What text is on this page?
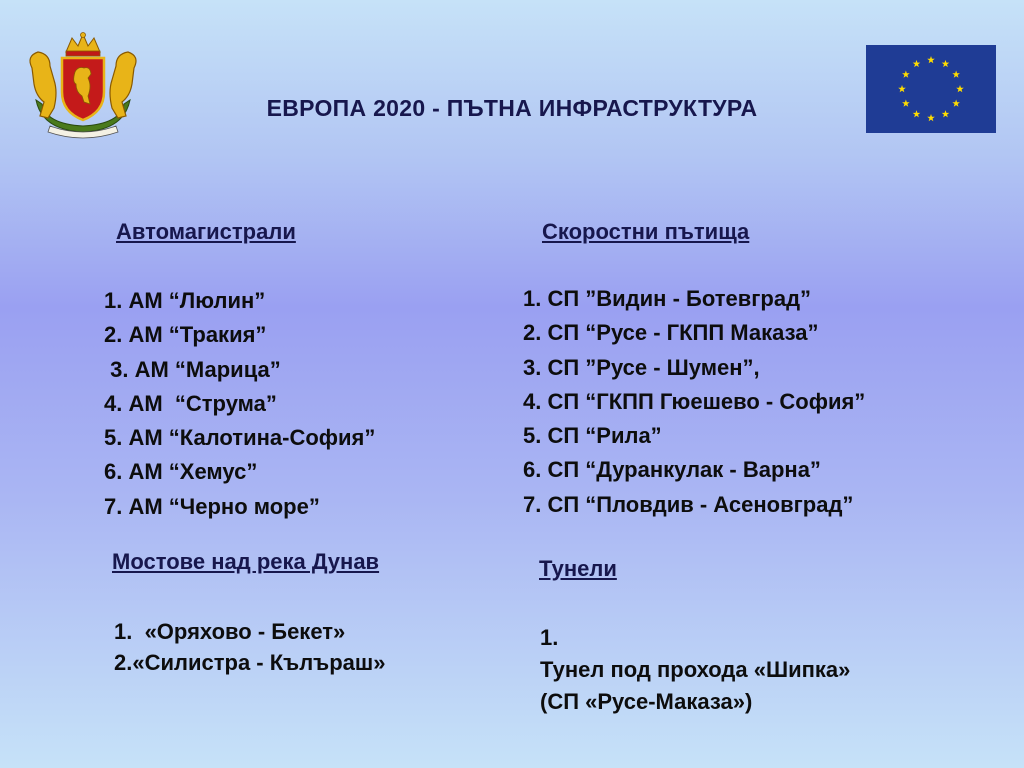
ЕВРОПА 2020 - ПЪТНА ИНФРАСТРУКТУРА
Автомагистрали
1. АМ “Люлин”
2. АМ “Тракия”
3. АМ “Марица”
4. АМ  “Струма”
5. АМ “Калотина-София”
6. АМ “Хемус”
7. АМ “Черно море”
Скоростни пътища
1. СП ”Видин - Ботевград”
2. СП “Русе - ГКПП Маказа”
3. СП ”Русе - Шумен”,
4. СП “ГКПП Гюешево - София”
5. СП “Рила”
6. СП “Дуранкулак - Варна”
7. СП “Пловдив - Асеновград”
Мостове над река Дунав
1.  «Оряхово - Бекет»
2.«Силистра - Кълъраш»
Тунели
1.Тунел под прохода «Шипка»
(СП «Русе-Маказа»)
